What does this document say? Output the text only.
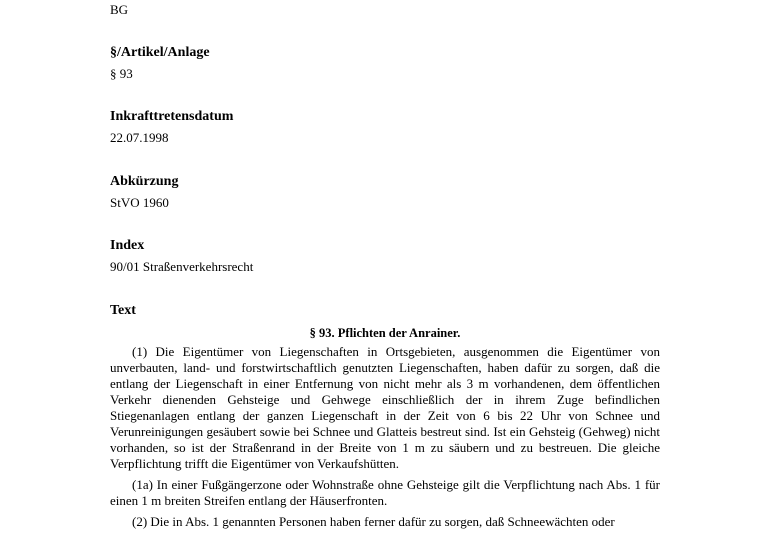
BG
§/Artikel/Anlage
§ 93
Inkrafttretensdatum
22.07.1998
Abkürzung
StVO 1960
Index
90/01 Straßenverkehrsrecht
Text
§ 93. Pflichten der Anrainer.

(1) Die Eigentümer von Liegenschaften in Ortsgebieten, ausgenommen die Eigentümer von unverbauten, land- und forstwirtschaftlich genutzten Liegenschaften, haben dafür zu sorgen, daß die entlang der Liegenschaft in einer Entfernung von nicht mehr als 3 m vorhandenen, dem öffentlichen Verkehr dienenden Gehsteige und Gehwege einschließlich der in ihrem Zuge befindlichen Stiegenanlagen entlang der ganzen Liegenschaft in der Zeit von 6 bis 22 Uhr von Schnee und Verunreinigungen gesäubert sowie bei Schnee und Glatteis bestreut sind. Ist ein Gehsteig (Gehweg) nicht vorhanden, so ist der Straßenrand in der Breite von 1 m zu säubern und zu bestreuen. Die gleiche Verpflichtung trifft die Eigentümer von Verkaufshütten.

(1a) In einer Fußgängerzone oder Wohnstraße ohne Gehsteige gilt die Verpflichtung nach Abs. 1 für einen 1 m breiten Streifen entlang der Häuserfronten.

(2) Die in Abs. 1 genannten Personen haben ferner dafür zu sorgen, daß Schneewächten oder
